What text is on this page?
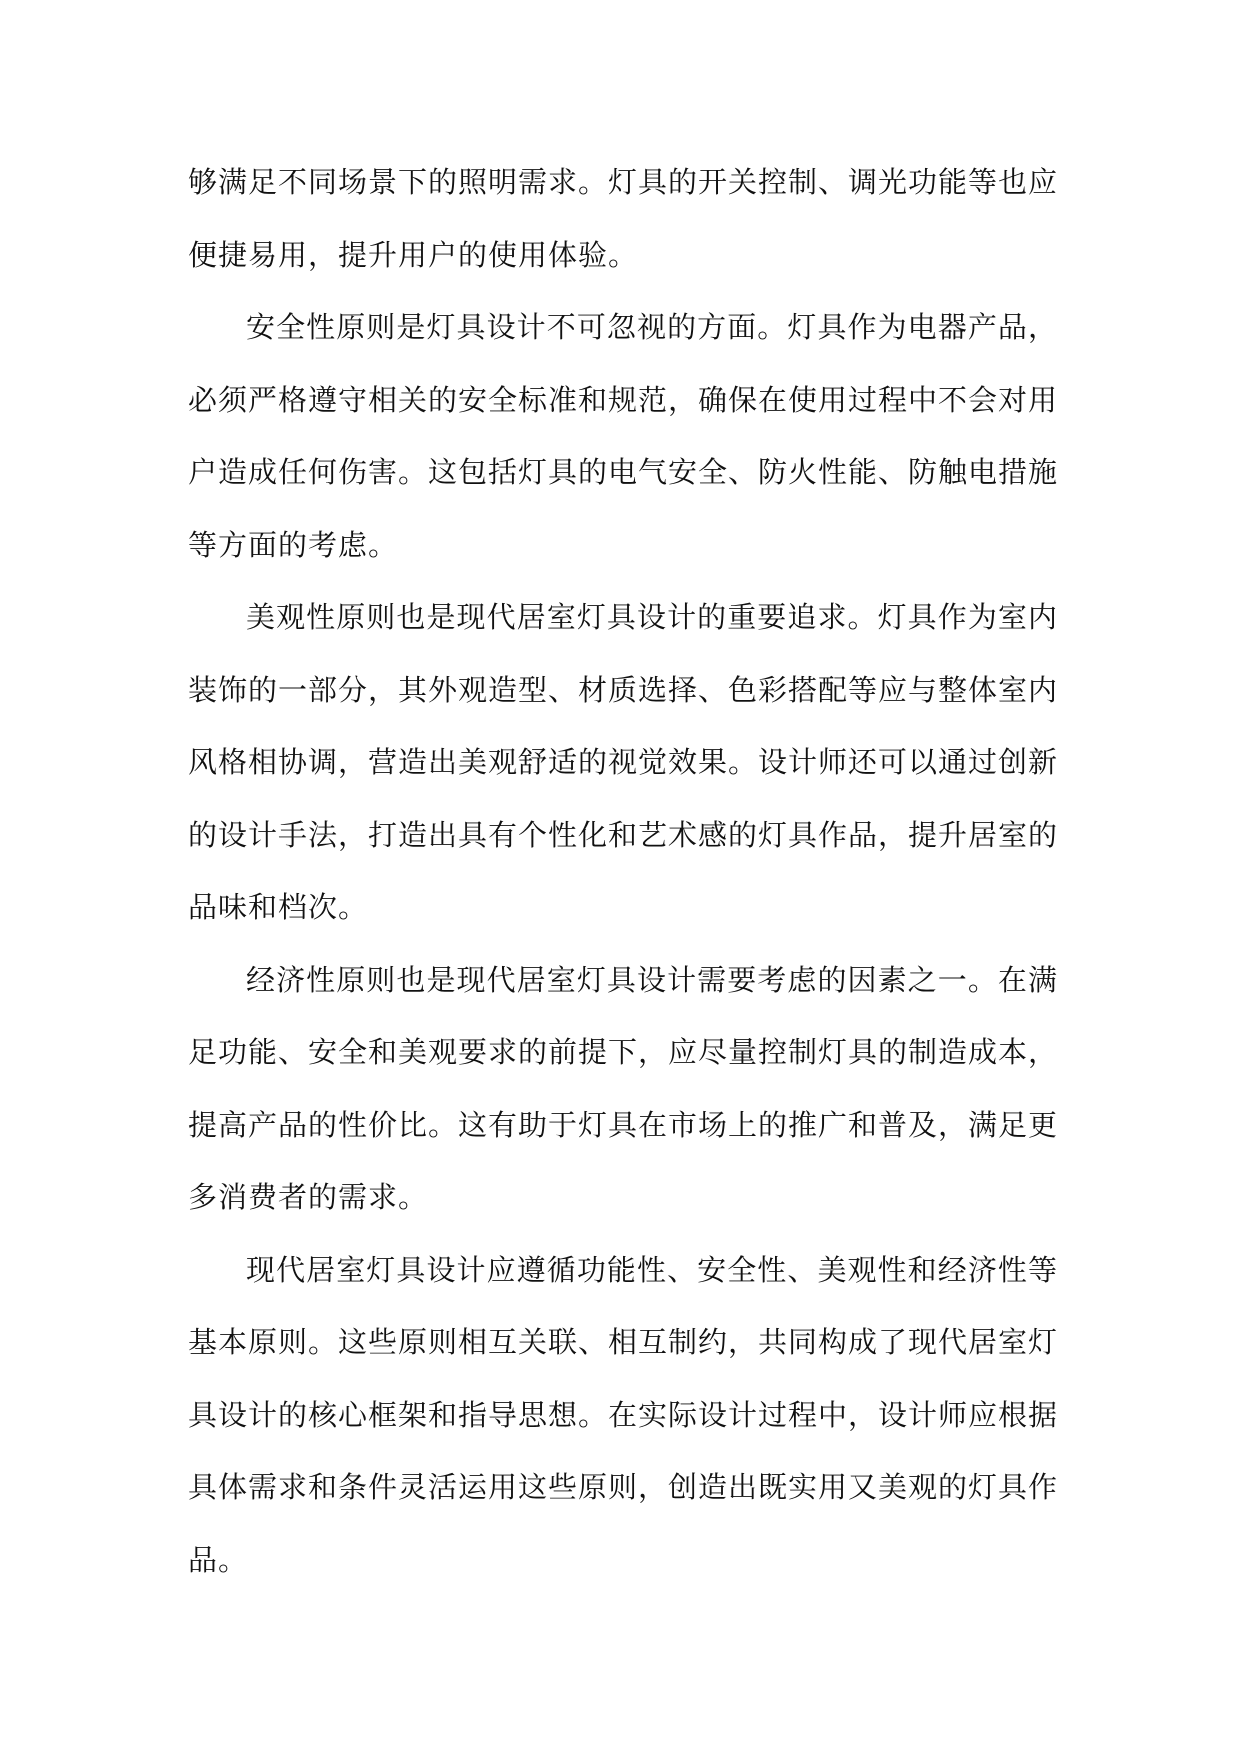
够满足不同场景下的照明需求。灯具的开关控制、调光功能等也应便捷易用，提升用户的使用体验。

安全性原则是灯具设计不可忽视的方面。灯具作为电器产品，必须严格遵守相关的安全标准和规范，确保在使用过程中不会对用户造成任何伤害。这包括灯具的电气安全、防火性能、防触电措施等方面的考虑。

美观性原则也是现代居室灯具设计的重要追求。灯具作为室内装饰的一部分，其外观造型、材质选择、色彩搭配等应与整体室内风格相协调，营造出美观舒适的视觉效果。设计师还可以通过创新的设计手法，打造出具有个性化和艺术感的灯具作品，提升居室的品味和档次。

经济性原则也是现代居室灯具设计需要考虑的因素之一。在满足功能、安全和美观要求的前提下，应尽量控制灯具的制造成本，提高产品的性价比。这有助于灯具在市场上的推广和普及，满足更多消费者的需求。

现代居室灯具设计应遵循功能性、安全性、美观性和经济性等基本原则。这些原则相互关联、相互制约，共同构成了现代居室灯具设计的核心框架和指导思想。在实际设计过程中，设计师应根据具体需求和条件灵活运用这些原则，创造出既实用又美观的灯具作品。
